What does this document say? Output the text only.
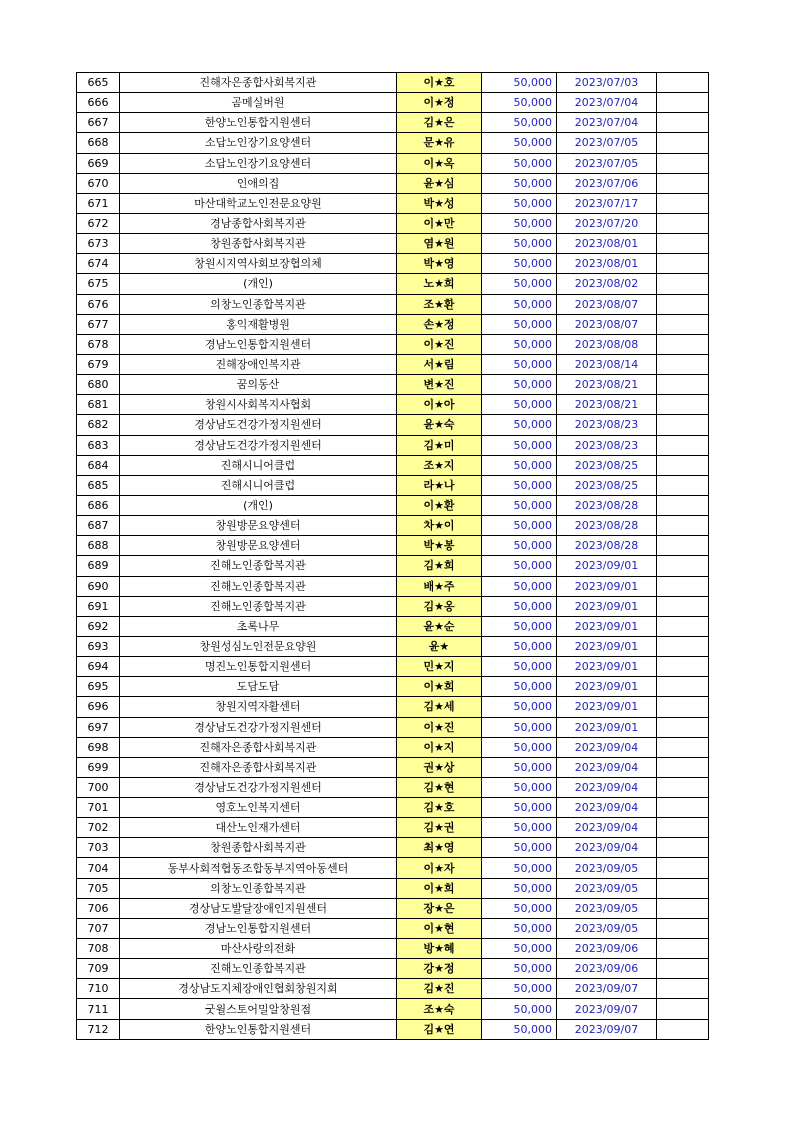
665	진해자은종합사회복지관	이★호	50,000	2023/07/03	
666	곰메실버원	이★정	50,000	2023/07/04	
667	한양노인통합지원센터	김★은	50,000	2023/07/04	
668	소답노인장기요양센터	문★유	50,000	2023/07/05	
669	소답노인장기요양센터	이★옥	50,000	2023/07/05	
670	인애의집	윤★심	50,000	2023/07/06	
671	마산대학교노인전문요양원	박★성	50,000	2023/07/17	
672	경남종합사회복지관	이★만	50,000	2023/07/20	
673	창원종합사회복지관	염★원	50,000	2023/08/01	
674	창원시지역사회보장협의체	박★영	50,000	2023/08/01	
675	(개인)	노★희	50,000	2023/08/02	
676	의창노인종합복지관	조★환	50,000	2023/08/07	
677	홍익재활병원	손★정	50,000	2023/08/07	
678	경남노인통합지원센터	이★진	50,000	2023/08/08	
679	진해장애인복지관	서★림	50,000	2023/08/14	
680	꿈의동산	변★진	50,000	2023/08/21	
681	창원시사회복지사협회	이★아	50,000	2023/08/21	
682	경상남도건강가정지원센터	윤★숙	50,000	2023/08/23	
683	경상남도건강가정지원센터	김★미	50,000	2023/08/23	
684	진해시니어클럽	조★지	50,000	2023/08/25	
685	진해시니어클럽	라★나	50,000	2023/08/25	
686	(개인)	이★환	50,000	2023/08/28	
687	창원방문요양센터	차★이	50,000	2023/08/28	
688	창원방문요양센터	박★봉	50,000	2023/08/28	
689	진해노인종합복지관	김★희	50,000	2023/09/01	
690	진해노인종합복지관	배★주	50,000	2023/09/01	
691	진해노인종합복지관	김★옹	50,000	2023/09/01	
692	초록나무	윤★순	50,000	2023/09/01	
693	창원성심노인전문요양원	윤★	50,000	2023/09/01	
694	명진노인통합지원센터	민★지	50,000	2023/09/01	
695	도담도담	이★희	50,000	2023/09/01	
696	창원지역자활센터	김★세	50,000	2023/09/01	
697	경상남도건강가정지원센터	이★진	50,000	2023/09/01	
698	진해자은종합사회복지관	이★지	50,000	2023/09/04	
699	진해자은종합사회복지관	권★상	50,000	2023/09/04	
700	경상남도건강가정지원센터	김★현	50,000	2023/09/04	
701	영호노인복지센터	김★호	50,000	2023/09/04	
702	대산노인재가센터	김★권	50,000	2023/09/04	
703	창원종합사회복지관	최★영	50,000	2023/09/04	
704	동부사회적협동조합동부지역아동센터	이★자	50,000	2023/09/05	
705	의창노인종합복지관	이★희	50,000	2023/09/05	
706	경상남도발달장애인지원센터	장★은	50,000	2023/09/05	
707	경남노인통합지원센터	이★현	50,000	2023/09/05	
708	마산사랑의전화	방★혜	50,000	2023/09/06	
709	진해노인종합복지관	강★정	50,000	2023/09/06	
710	경상남도지체장애인협회창원지회	김★진	50,000	2023/09/07	
711	굿윌스토어밀알창원점	조★숙	50,000	2023/09/07	
712	한양노인통합지원센터	김★연	50,000	2023/09/07	
